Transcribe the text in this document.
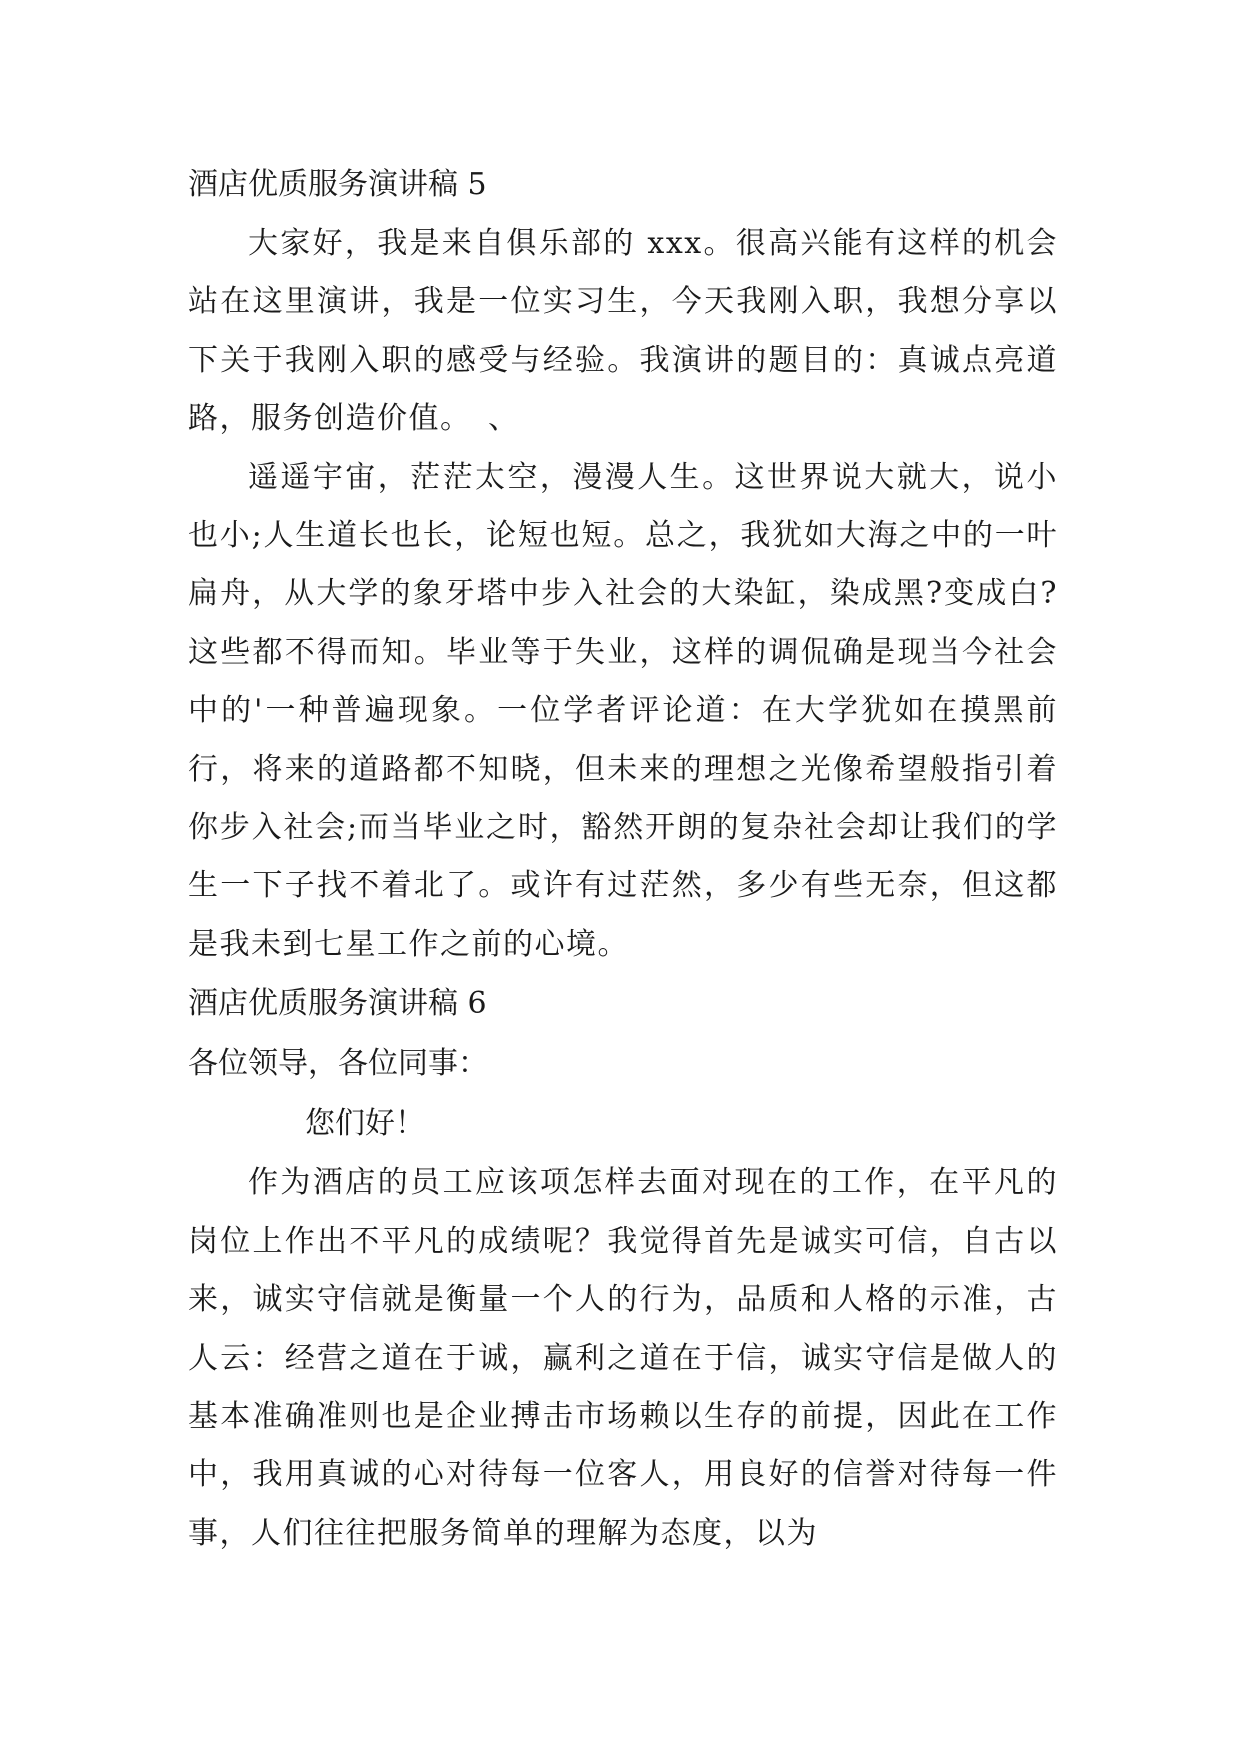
酒店优质服务演讲稿 5

大家好，我是来自俱乐部的 xxx。很高兴能有这样的机会站在这里演讲，我是一位实习生，今天我刚入职，我想分享以下关于我刚入职的感受与经验。我演讲的题目的：真诚点亮道路，服务创造价值。　、

遥遥宇宙，茫茫太空，漫漫人生。这世界说大就大，说小也小;人生道长也长，论短也短。总之，我犹如大海之中的一叶扁舟，从大学的象牙塔中步入社会的大染缸，染成黑?变成白?这些都不得而知。毕业等于失业，这样的调侃确是现当今社会中的'一种普遍现象。一位学者评论道：在大学犹如在摸黑前行，将来的道路都不知晓，但未来的理想之光像希望般指引着你步入社会;而当毕业之时，豁然开朗的复杂社会却让我们的学生一下子找不着北了。或许有过茫然，多少有些无奈，但这都是我未到七星工作之前的心境。

酒店优质服务演讲稿 6

各位领导，各位同事：

您们好！

作为酒店的员工应该项怎样去面对现在的工作，在平凡的岗位上作出不平凡的成绩呢？我觉得首先是诚实可信，自古以来，诚实守信就是衡量一个人的行为，品质和人格的示准，古人云：经营之道在于诚，赢利之道在于信，诚实守信是做人的基本准确准则也是企业搏击市场赖以生存的前提，因此在工作中，我用真诚的心对待每一位客人，用良好的信誉对待每一件事，人们往往把服务简单的理解为态度，以为
